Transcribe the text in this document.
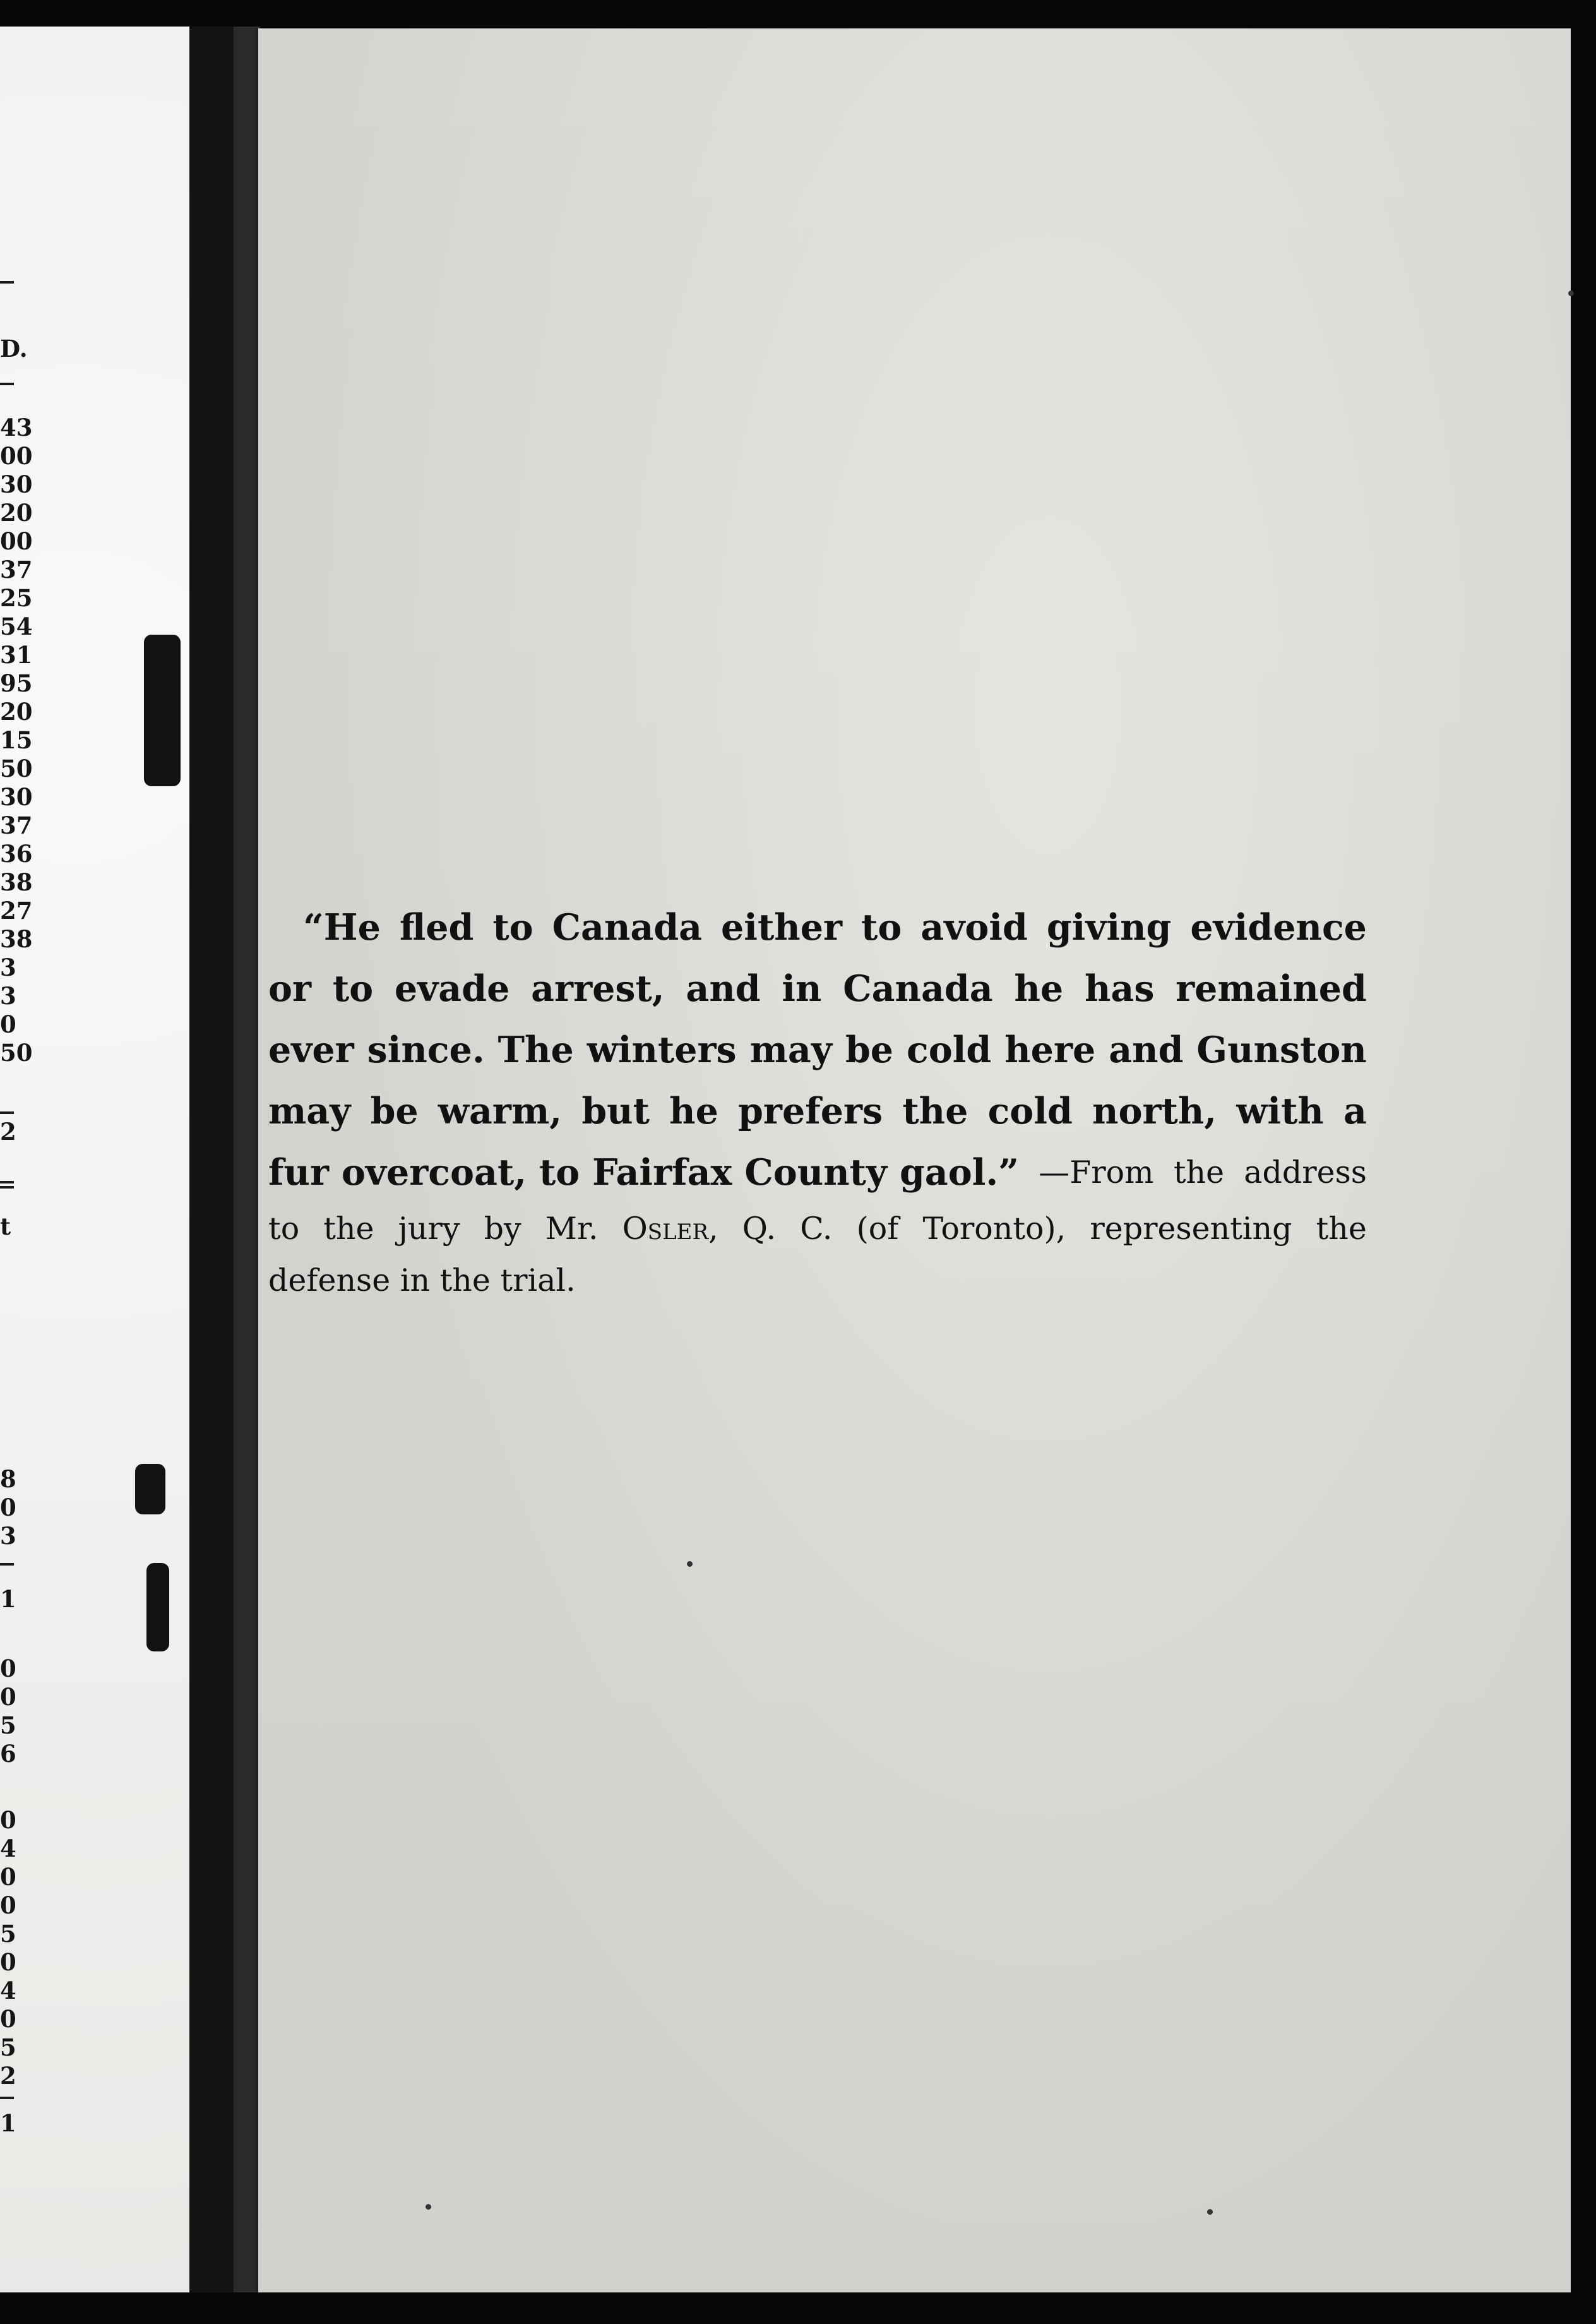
D.
43
00
30
20
00
37
25
54
31
95
20
15
50
30
37
36
38
27
38
3
3
0
50
2
t
8
0
3
1
0
0
5
6
0
4
0
0
5
0
4
0
5
2
1
“He fled to Canada either to avoid giving evidence
or to evade arrest, and in Canada he has remained
ever since. The winters may be cold here and Gunston
may be warm, but he prefers the cold north, with a
fur overcoat, to Fairfax County gaol.” —From the address
to the jury by Mr. Osler, Q. C. (of Toronto), representing the
defense in the trial.
